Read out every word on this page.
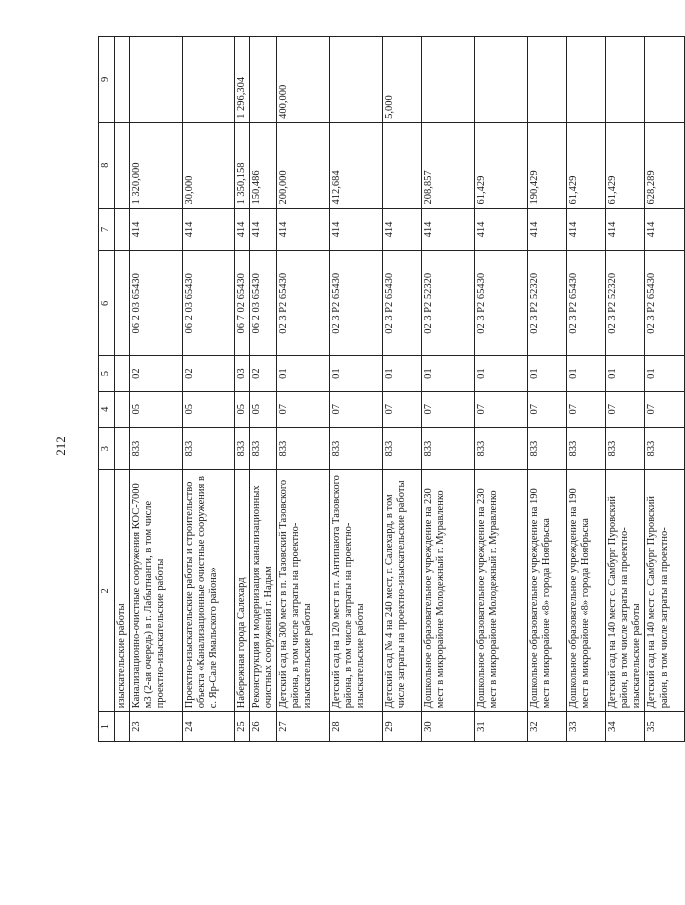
212
1	2	3	4	5	6	7	8	9
	изыскательские работы							
23	Канализационно-очистные сооружения КОС-7000 м3 (2-ая очередь) в г. Лабытнанги, в том числе проектно-изыскательские работы	833	05	02	06 2 03 65430	414	1 320,000	
24	Проектно-изыскательские работы и строительство объекта «Канализационные очистные сооружения в с. Яр-Сале Ямальского района»	833	05	02	06 2 03 65430	414	30,000	
25	Набережная города Салехард	833	05	03	06 7 02 65430	414	1 350,158	1 296,304
26	Реконструкция и модернизация канализационных очистных сооружений г. Надым	833	05	02	06 2 03 65430	414	150,486	
27	Детский сад на 300 мест в п. Тазовский Тазовского района, в том числе затраты на проектно-изыскательские работы	833	07	01	02 3 P2 65430	414	200,000	400,000
28	Детский сад на 120 мест в п. Антипаюта Тазовского района, в том числе затраты на проектно-изыскательские работы	833	07	01	02 3 P2 65430	414	412,684	
29	Детский сад № 4 на 240 мест, г. Салехард, в том числе затраты на проектно-изыскательские работы	833	07	01	02 3 P2 65430	414		5,000
30	Дошкольное образовательное учреждение на 230 мест в микрорайоне Молодежный г. Муравленко	833	07	01	02 3 P2 52320	414	208,857	
31	Дошкольное образовательное учреждение на 230 мест в микрорайоне Молодежный г. Муравленко	833	07	01	02 3 P2 65430	414	61,429	
32	Дошкольное образовательное учреждение на 190 мест в микрорайоне «8» города Ноябрьска	833	07	01	02 3 P2 52320	414	190,429	
33	Дошкольное образовательное учреждение на 190 мест в микрорайоне «8» города Ноябрьска	833	07	01	02 3 P2 65430	414	61,429	
34	Детский сад на 140 мест с. Самбург Пуровский район, в том числе затраты на проектно-изыскательские работы	833	07	01	02 3 P2 52320	414	61,429	
35	Детский сад на 140 мест с. Самбург Пуровский район, в том числе затраты на проектно-	833	07	01	02 3 P2 65430	414	628,289	
